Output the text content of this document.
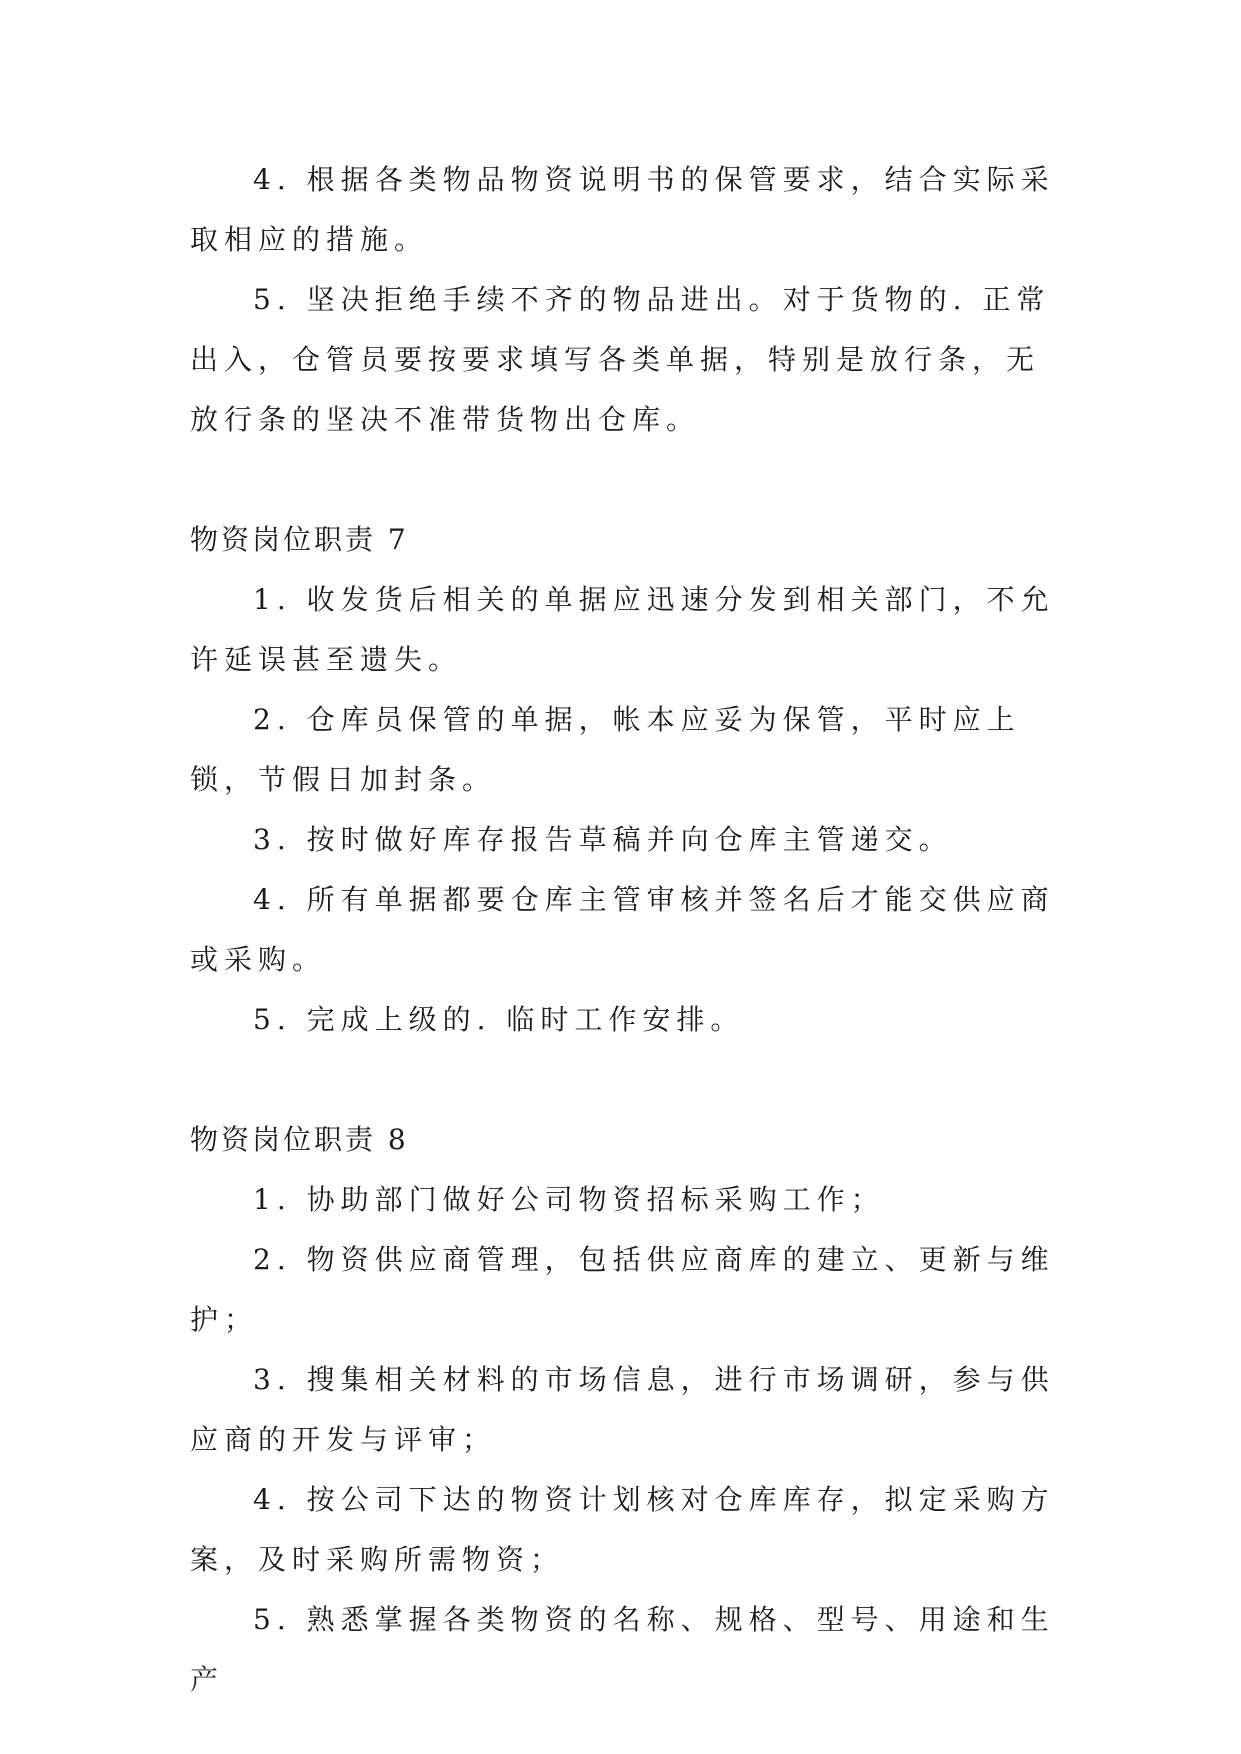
4. 根据各类物品物资说明书的保管要求，结合实际采取相应的措施。

5. 坚决拒绝手续不齐的物品进出。对于货物的. 正常出入，仓管员要按要求填写各类单据，特别是放行条，无放行条的坚决不准带货物出仓库。

物资岗位职责 7

1. 收发货后相关的单据应迅速分发到相关部门，不允许延误甚至遗失。

2. 仓库员保管的单据，帐本应妥为保管，平时应上锁，节假日加封条。

3. 按时做好库存报告草稿并向仓库主管递交。

4. 所有单据都要仓库主管审核并签名后才能交供应商或采购。

5. 完成上级的. 临时工作安排。

物资岗位职责 8

1. 协助部门做好公司物资招标采购工作；

2. 物资供应商管理，包括供应商库的建立、更新与维护；

3. 搜集相关材料的市场信息，进行市场调研，参与供应商的开发与评审；

4. 按公司下达的物资计划核对仓库库存，拟定采购方案，及时采购所需物资；

5. 熟悉掌握各类物资的名称、规格、型号、用途和生产
